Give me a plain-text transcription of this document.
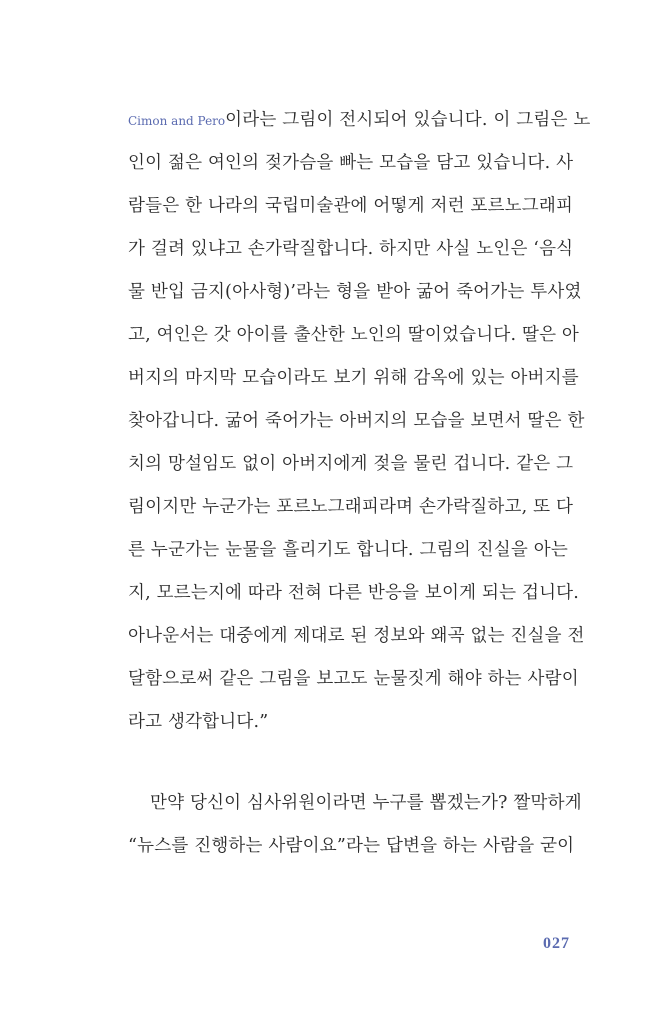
Cimon and Pero이라는 그림이 전시되어 있습니다. 이 그림은 노
인이 젊은 여인의 젖가슴을 빠는 모습을 담고 있습니다. 사
람들은 한 나라의 국립미술관에 어떻게 저런 포르노그래피
가 걸려 있냐고 손가락질합니다. 하지만 사실 노인은 ‘음식
물 반입 금지(아사형)’라는 형을 받아 굶어 죽어가는 투사였
고, 여인은 갓 아이를 출산한 노인의 딸이었습니다. 딸은 아
버지의 마지막 모습이라도 보기 위해 감옥에 있는 아버지를
찾아갑니다. 굶어 죽어가는 아버지의 모습을 보면서 딸은 한
치의 망설임도 없이 아버지에게 젖을 물린 겁니다. 같은 그
림이지만 누군가는 포르노그래피라며 손가락질하고, 또 다
른 누군가는 눈물을 흘리기도 합니다. 그림의 진실을 아는
지, 모르는지에 따라 전혀 다른 반응을 보이게 되는 겁니다.
아나운서는 대중에게 제대로 된 정보와 왜곡 없는 진실을 전
달함으로써 같은 그림을 보고도 눈물짓게 해야 하는 사람이
라고 생각합니다.”
만약 당신이 심사위원이라면 누구를 뽑겠는가? 짤막하게
“뉴스를 진행하는 사람이요”라는 답변을 하는 사람을 굳이
027
